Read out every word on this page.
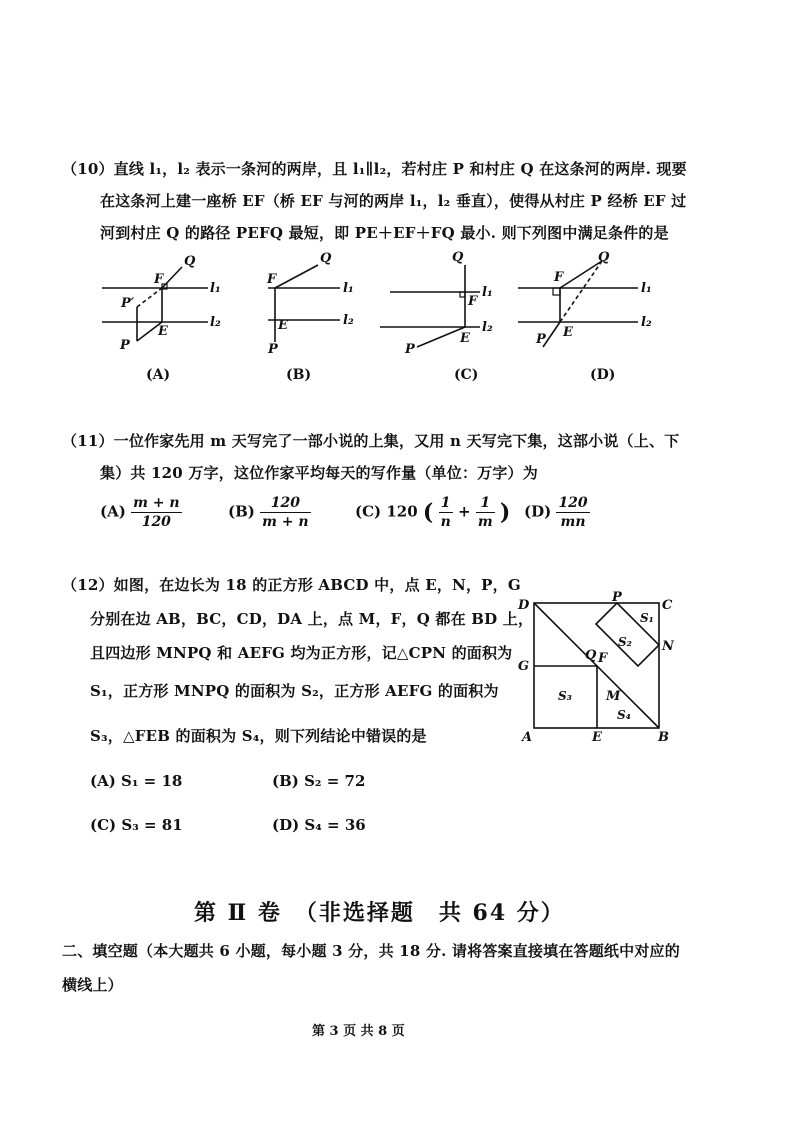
（10）直线 l₁，l₂ 表示一条河的两岸，且 l₁∥l₂，若村庄 P 和村庄 Q 在这条河的两岸. 现要
在这条河上建一座桥 EF（桥 EF 与河的两岸 l₁，l₂ 垂直），使得从村庄 P 经桥 EF 过
河到村庄 Q 的路径 PEFQ 最短，即 PE＋EF＋FQ 最小. 则下列图中满足条件的是
Q
F
l₁
P′
l₂
E
P
Q
F
l₁
l₂
E
P
Q
l₁
F
l₂
E
P
F
Q
l₁
l₂
E
P
(A)	(B)	(C)	(D)
（11）一位作家先用 m 天写完了一部小说的上集，又用 n 天写完下集，这部小说（上、下
集）共 120 万字，这位作家平均每天的写作量（单位：万字）为
$(A) \frac{m + n}{120}$	$(B) \frac{120}{m + n}$	(C) 120 ( $\frac{1}{n} + \frac{1}{m}$ ) $(D) \frac{120}{mn}$
（12）如图，在边长为 18 的正方形 ABCD 中，点 E，N，P，G
分别在边 AB，BC，CD，DA 上，点 M，F，Q 都在 BD 上，
且四边形 MNPQ 和 AEFG 均为正方形，记△CPN 的面积为
S₁，正方形 MNPQ 的面积为 S₂，正方形 AEFG 的面积为
S₃，△FEB 的面积为 S₄，则下列结论中错误的是
(A) S₁ = 18	(B) S₂ = 72
(C) S₃ = 81	(D) S₄ = 36
D
P
C
S₁
S₂ N
G
Q F
S₃	M
S₄
A	E	B
第 Ⅱ 卷　（非选择题　共 64 分）
二、填空题（本大题共 6 小题，每小题 3 分，共 18 分. 请将答案直接填在答题纸中对应的
横线上）
第 3 页 共 8 页
